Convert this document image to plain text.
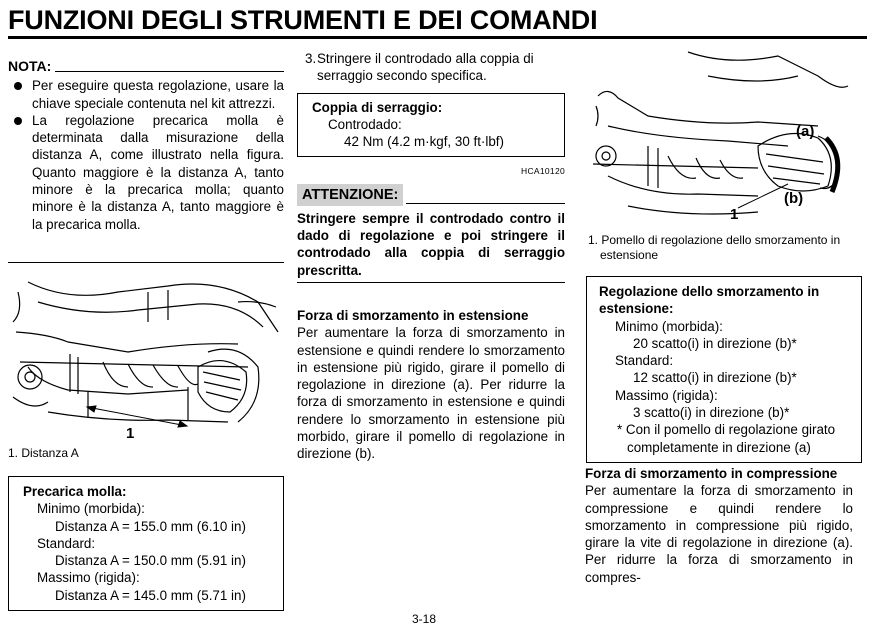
FUNZIONI DEGLI STRUMENTI E DEI COMANDI
NOTA:
Per eseguire questa regolazione, usare la chiave speciale contenuta nel kit attrezzi.
La regolazione precarica molla è determinata dalla misurazione della distanza A, come illustrato nella figura. Quanto maggiore è la distanza A, tanto minore è la precarica molla; quanto minore è la distanza A, tanto maggiore è la precarica molla.
1
1. Distanza A
Precarica molla:
Minimo (morbida):
Distanza A = 155.0 mm (6.10 in)
Standard:
Distanza A = 150.0 mm (5.91 in)
Massimo (rigida):
Distanza A = 145.0 mm (5.71 in)
3. Stringere il controdado alla coppia di serraggio secondo specifica.
Coppia di serraggio:
Controdado:
42 Nm (4.2 m·kgf, 30 ft·lbf)
HCA10120
ATTENZIONE:
Stringere sempre il controdado contro il dado di regolazione e poi stringere il controdado alla coppia di serraggio prescritta.
Forza di smorzamento in estensione
Per aumentare la forza di smorzamento in estensione e quindi rendere lo smorzamento in estensione più rigido, girare il pomello di regolazione in direzione (a). Per ridurre la forza di smorzamento in estensione e quindi rendere lo smorzamento in estensione più morbido, girare il pomello di regolazione in direzione (b).
(a)
(b)
1
1. Pomello di regolazione dello smorzamento in estensione
Regolazione dello smorzamento in estensione:
Minimo (morbida):
20 scatto(i) in direzione (b)*
Standard:
12 scatto(i) in direzione (b)*
Massimo (rigida):
3 scatto(i) in direzione (b)*
* Con il pomello di regolazione girato completamente in direzione (a)
Forza di smorzamento in compressione
Per aumentare la forza di smorzamento in compressione e quindi rendere lo smorzamento in compressione più rigido, girare la vite di regolazione in direzione (a). Per ridurre la forza di smorzamento in compres-
3-18
